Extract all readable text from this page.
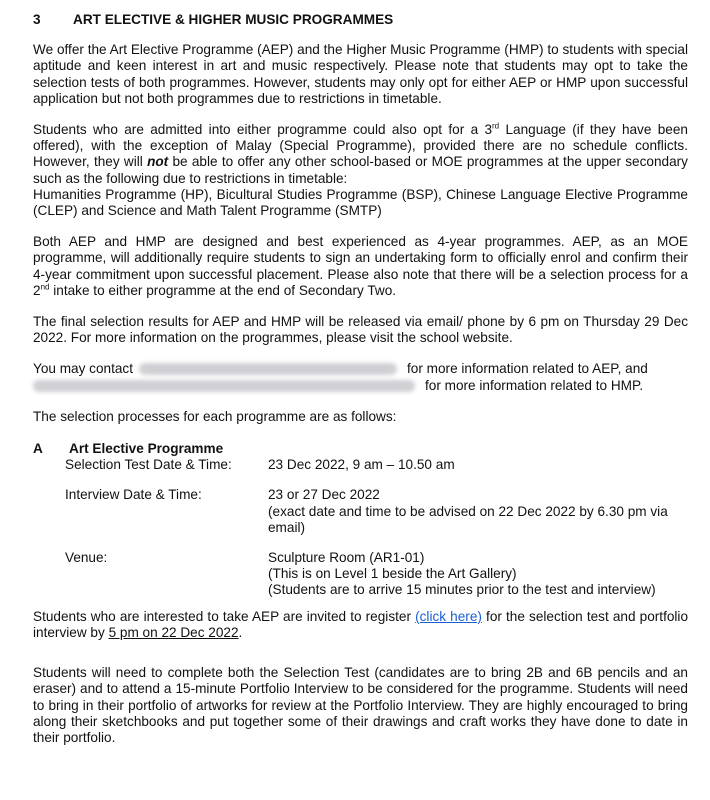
3	ART ELECTIVE & HIGHER MUSIC PROGRAMMES

We offer the Art Elective Programme (AEP) and the Higher Music Programme (HMP) to students with special aptitude and keen interest in art and music respectively. Please note that students may opt to take the selection tests of both programmes. However, students may only opt for either AEP or HMP upon successful application but not both programmes due to restrictions in timetable.

Students who are admitted into either programme could also opt for a 3rd Language (if they have been offered), with the exception of Malay (Special Programme), provided there are no schedule conflicts. However, they will not be able to offer any other school-based or MOE programmes at the upper secondary such as the following due to restrictions in timetable:
Humanities Programme (HP), Bicultural Studies Programme (BSP), Chinese Language Elective Programme (CLEP) and Science and Math Talent Programme (SMTP)

Both AEP and HMP are designed and best experienced as 4-year programmes. AEP, as an MOE programme, will additionally require students to sign an undertaking form to officially enrol and confirm their 4-year commitment upon successful placement. Please also note that there will be a selection process for a 2nd intake to either programme at the end of Secondary Two.

The final selection results for AEP and HMP will be released via email/ phone by 6 pm on Thursday 29 Dec 2022. For more information on the programmes, please visit the school website.

You may contact	for more information related to AEP, and
for more information related to HMP.

The selection processes for each programme are as follows:

A	Art Elective Programme
Selection Test Date & Time:	23 Dec 2022, 9 am – 10.50 am
Interview Date & Time:	23 or 27 Dec 2022
(exact date and time to be advised on 22 Dec 2022 by 6.30 pm via email)
Venue:	Sculpture Room (AR1-01)
(This is on Level 1 beside the Art Gallery)
(Students are to arrive 15 minutes prior to the test and interview)

Students who are interested to take AEP are invited to register (click here) for the selection test and portfolio interview by 5 pm on 22 Dec 2022.

Students will need to complete both the Selection Test (candidates are to bring 2B and 6B pencils and an eraser) and to attend a 15-minute Portfolio Interview to be considered for the programme. Students will need to bring in their portfolio of artworks for review at the Portfolio Interview. They are highly encouraged to bring along their sketchbooks and put together some of their drawings and craft works they have done to date in their portfolio.
